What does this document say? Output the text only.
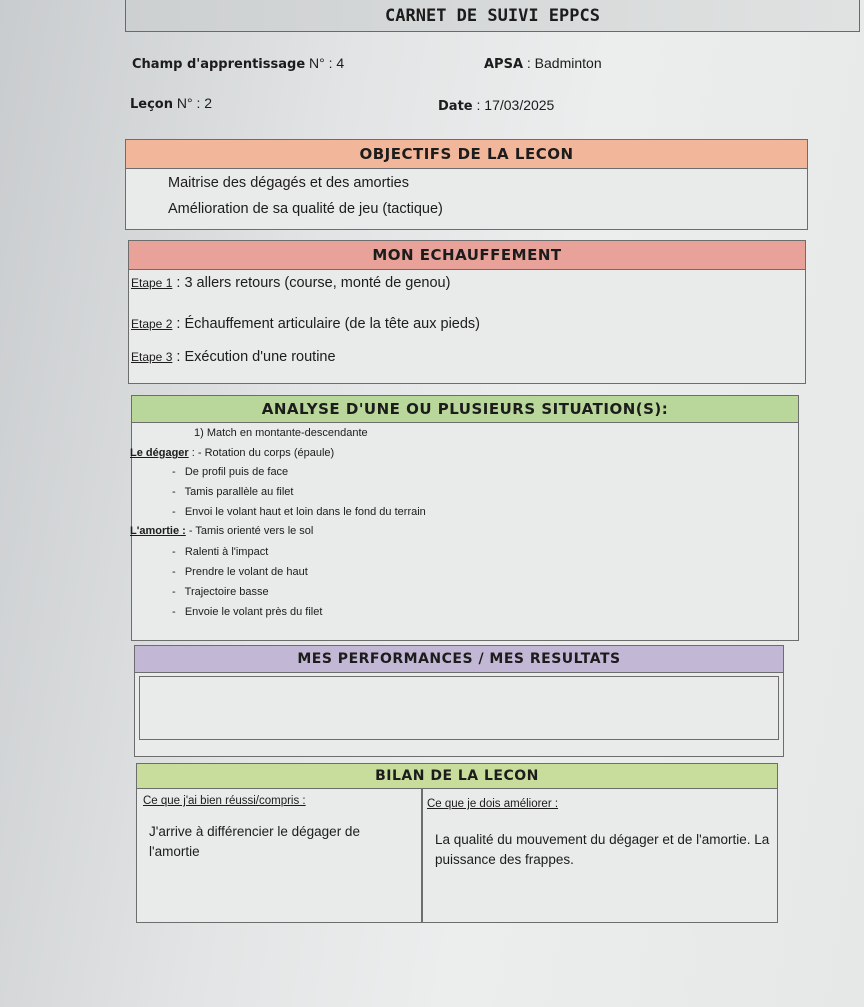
CARNET DE SUIVI EPPCS
Champ d'apprentissage N° : 4	APSA : Badminton
Leçon N° : 2	Date : 17/03/2025
OBJECTIFS DE LA LECON
Maitrise des dégagés et des amorties
Amélioration de sa qualité de jeu (tactique)
MON ECHAUFFEMENT
Etape 1 : 3 allers retours (course, monté de genou)
Etape 2 : Échauffement articulaire (de la tête aux pieds)
Etape 3 : Exécution d'une routine
ANALYSE D'UNE OU PLUSIEURS SITUATION(S):
1) Match en montante-descendante
Le dégager : - Rotation du corps (épaule)
-   De profil puis de face
-   Tamis parallèle au filet
-   Envoi le volant haut et loin dans le fond du terrain
L'amortie : - Tamis orienté vers le sol
-   Ralenti à l'impact
-   Prendre le volant de haut
-   Trajectoire basse
-   Envoie le volant près du filet
MES PERFORMANCES / MES RESULTATS
BILAN DE LA LECON
Ce que j'ai bien réussi/compris :	Ce que je dois améliorer :
J'arrive à différencier le dégager de l'amortie
La qualité du mouvement du dégager et de l'amortie. La puissance des frappes.
